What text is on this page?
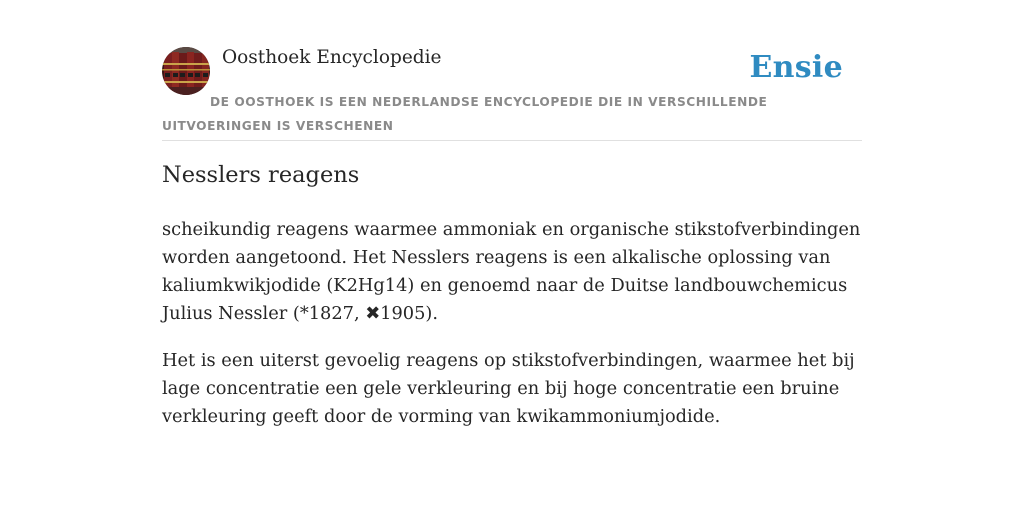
Oosthoek Encyclopedie	Ensie

DE OOSTHOEK IS EEN NEDERLANDSE ENCYCLOPEDIE DIE IN VERSCHILLENDE UITVOERINGEN IS VERSCHENEN

Nesslers reagens

scheikundig reagens waarmee ammoniak en organische stikstofverbindingen worden aangetoond. Het Nesslers reagens is een alkalische oplossing van kaliumkwikjodide (K2Hg14) en genoemd naar de Duitse landbouwchemicus Julius Nessler (*1827, ✖1905).

Het is een uiterst gevoelig reagens op stikstofverbindingen, waarmee het bij lage concentratie een gele verkleuring en bij hoge concentratie een bruine verkleuring geeft door de vorming van kwikammoniumjodide.
